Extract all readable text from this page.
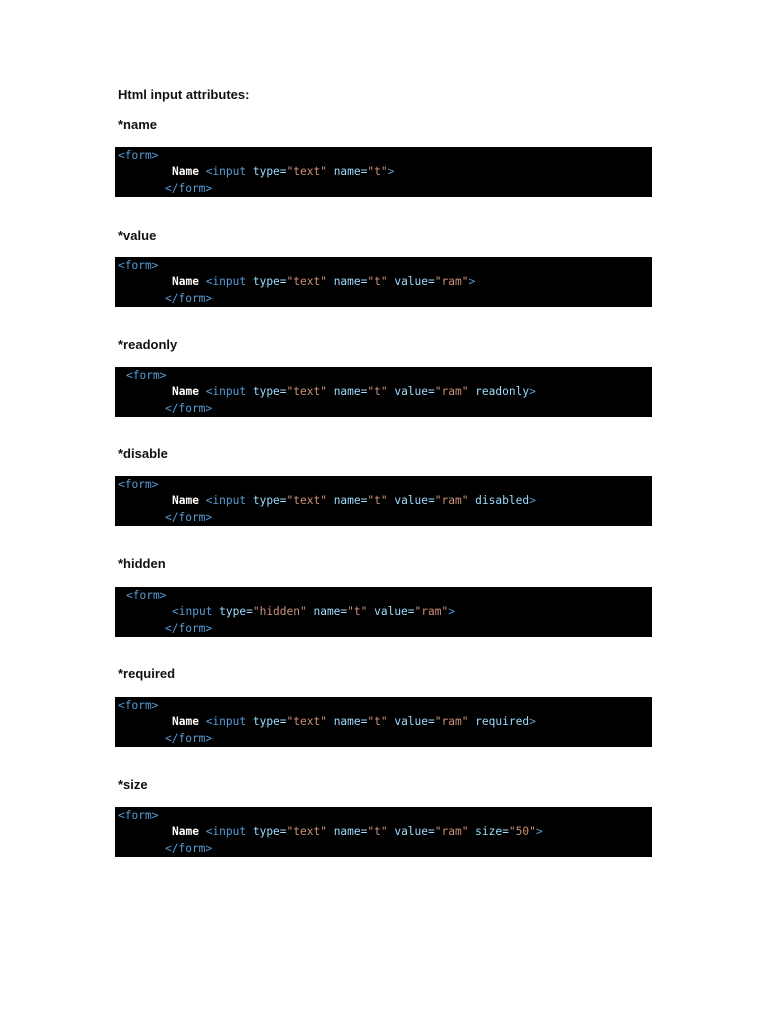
Html input attributes:
*name
<form>
Name <input type="text" name="t">
</form>
*value
<form>
Name <input type="text" name="t" value="ram">
</form>
*readonly
<form>
Name <input type="text" name="t" value="ram" readonly>
</form>
*disable
<form>
Name <input type="text" name="t" value="ram" disabled>
</form>
*hidden
<form>
<input type="hidden" name="t" value="ram">
</form>
*required
<form>
Name <input type="text" name="t" value="ram" required>
</form>
*size
<form>
Name <input type="text" name="t" value="ram" size="50">
</form>
